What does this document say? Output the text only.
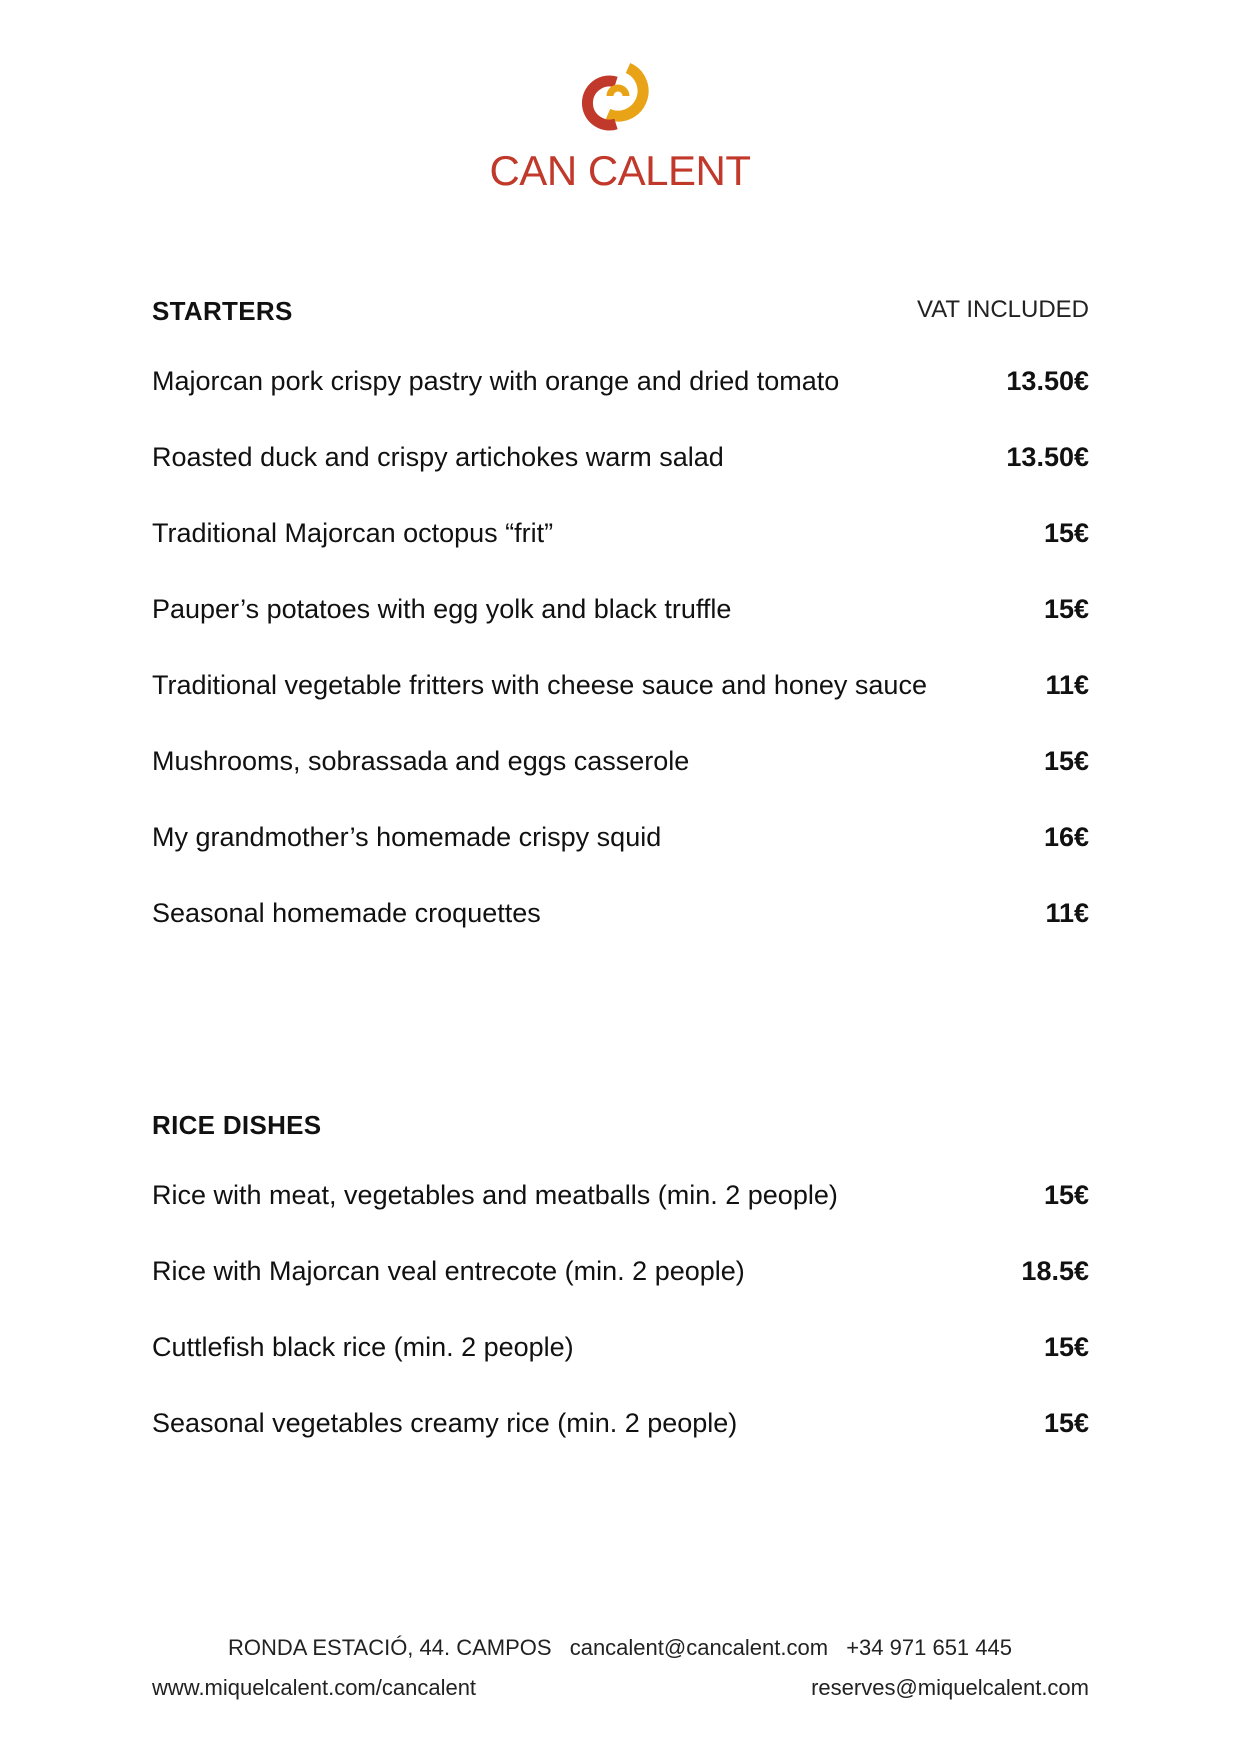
CAN CALENT
STARTERS	VAT INCLUDED
Majorcan pork crispy pastry with orange and dried tomato	13.50€
Roasted duck and crispy artichokes warm salad	13.50€
Traditional Majorcan octopus “frit”	15€
Pauper’s potatoes with egg yolk and black truffle	15€
Traditional vegetable fritters with cheese sauce and honey sauce	11€
Mushrooms, sobrassada and eggs casserole	15€
My grandmother’s homemade crispy squid	16€
Seasonal homemade croquettes	11€
RICE DISHES
Rice with meat, vegetables and meatballs (min. 2 people)	15€
Rice with Majorcan veal entrecote (min. 2 people)	18.5€
Cuttlefish black rice (min. 2 people)	15€
Seasonal vegetables creamy rice (min. 2 people)	15€
RONDA ESTACIÓ, 44. CAMPOS cancalent@cancalent.com +34 971 651 445
www.miquelcalent.com/cancalent	reserves@miquelcalent.com
